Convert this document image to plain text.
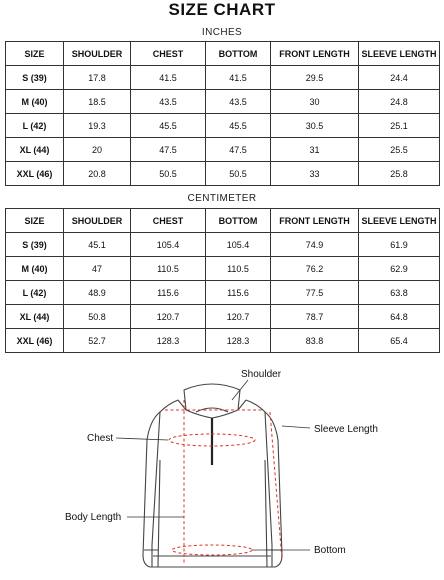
SIZE CHART
INCHES
SIZE	SHOULDER	CHEST	BOTTOM	FRONT LENGTH	SLEEVE LENGTH
S (39)	17.8	41.5	41.5	29.5	24.4
M (40)	18.5	43.5	43.5	30	24.8
L (42)	19.3	45.5	45.5	30.5	25.1
XL (44)	20	47.5	47.5	31	25.5
XXL (46)	20.8	50.5	50.5	33	25.8
CENTIMETER
SIZE	SHOULDER	CHEST	BOTTOM	FRONT LENGTH	SLEEVE LENGTH
S (39)	45.1	105.4	105.4	74.9	61.9
M (40)	47	110.5	110.5	76.2	62.9
L (42)	48.9	115.6	115.6	77.5	63.8
XL (44)	50.8	120.7	120.7	78.7	64.8
XXL (46)	52.7	128.3	128.3	83.8	65.4
Shoulder
Chest
Sleeve Length
Body Length
Bottom
